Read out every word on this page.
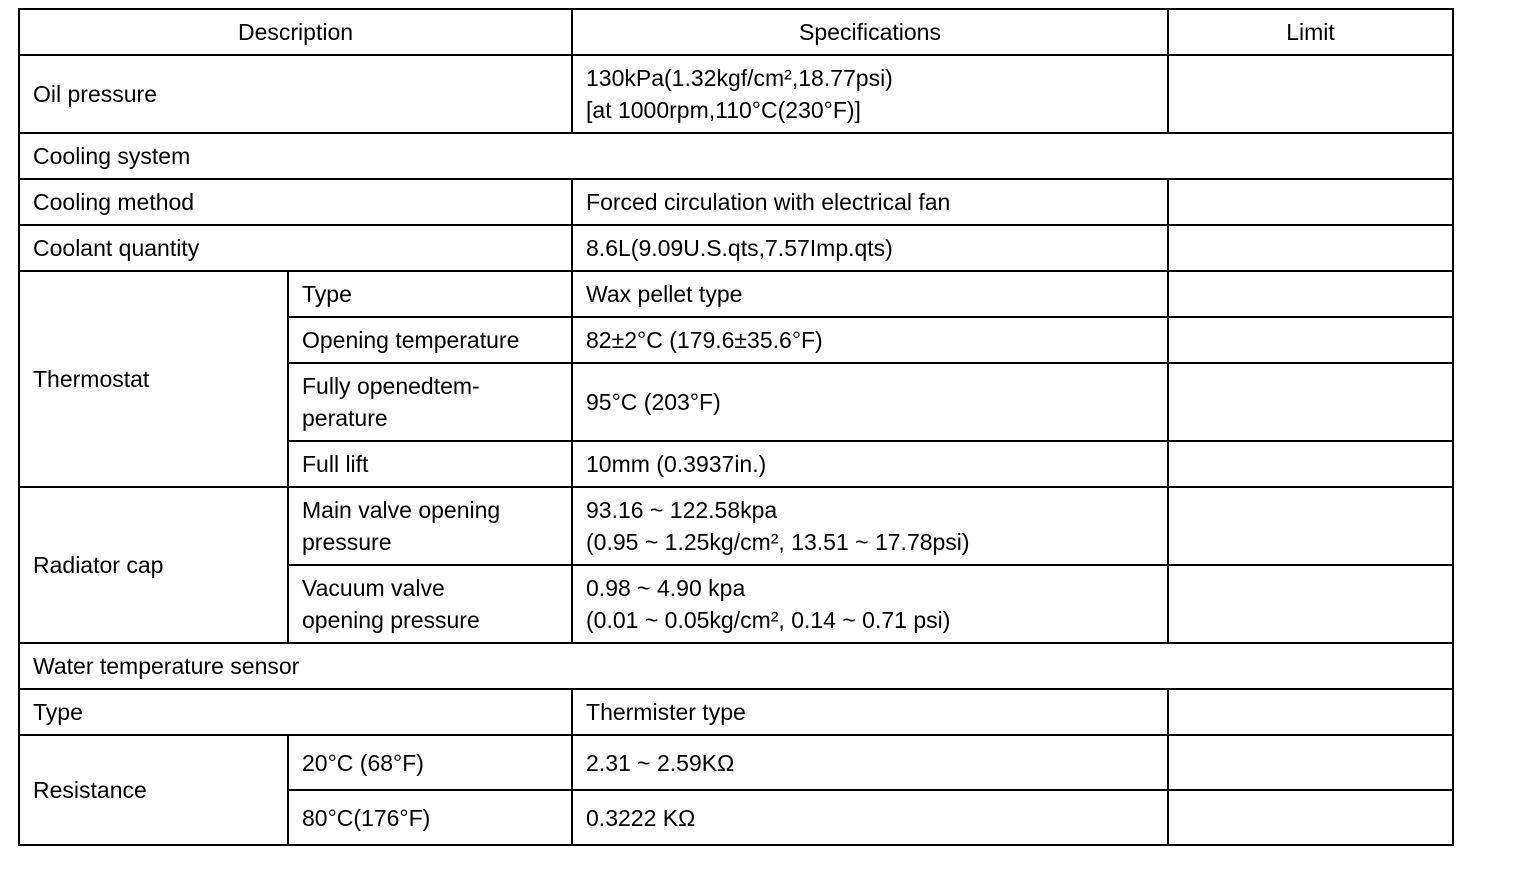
Description		Specifications	Limit
Oil pressure		130kPa(1.32kgf/cm²,18.77psi)
[at 1000rpm,110°C(230°F)]	

Cooling system			
Cooling method		Forced circulation with electrical fan	
Coolant quantity		8.6L(9.09U.S.qts,7.57Imp.qts)	
Thermostat	Type	Wax pellet type	
	Opening temperature	82±2°C (179.6±35.6°F)	

	Fully openedtem-
perature	95°C (203°F)	
	Full lift	10mm (0.3937in.)	
Radiator cap	Main valve opening
pressure	93.16 ~ 122.58kpa
(0.95 ~ 1.25kg/cm², 13.51 ~ 17.78psi)	

	Vacuum valve
opening pressure	0.98 ~ 4.90 kpa
(0.01 ~ 0.05kg/cm², 0.14 ~ 0.71 psi)	

Water temperature sensor			
Type		Thermister type	
Resistance	20°C (68°F)	2.31 ~ 2.59KΩ	
	80°C(176°F)	0.3222 KΩ	
